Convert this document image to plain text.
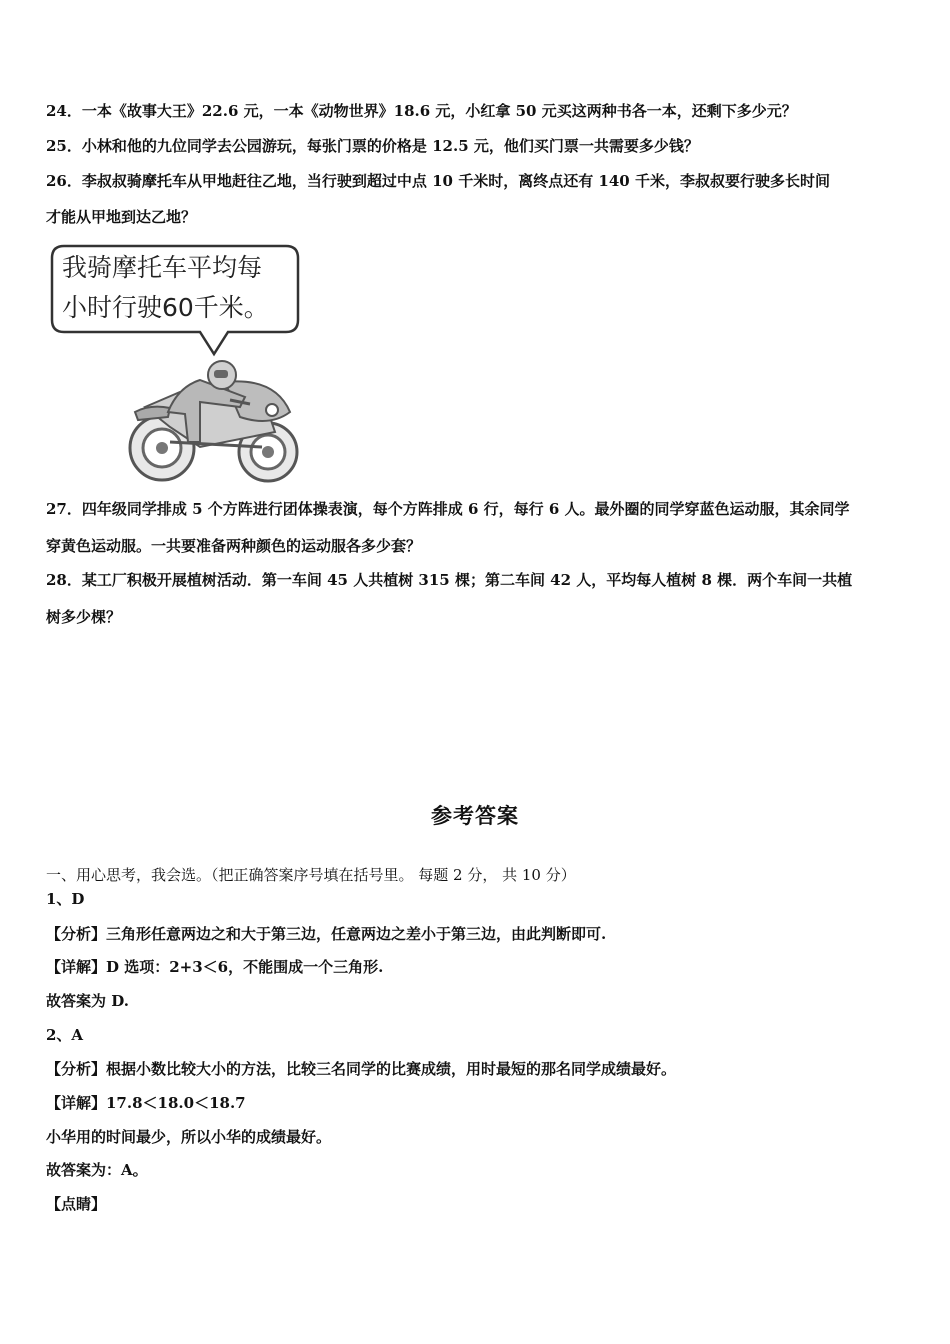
24．一本《故事大王》22.6 元，一本《动物世界》18.6 元，小红拿 50 元买这两种书各一本，还剩下多少元？
25．小林和他的九位同学去公园游玩，每张门票的价格是 12.5 元，他们买门票一共需要多少钱？
26．李叔叔骑摩托车从甲地赶往乙地，当行驶到超过中点 10 千米时，离终点还有 140 千米，李叔叔要行驶多长时间
才能从甲地到达乙地？
我骑摩托车平均每
小时行驶60千米。
27．四年级同学排成 5 个方阵进行团体操表演，每个方阵排成 6 行，每行 6 人。最外圈的同学穿蓝色运动服，其余同学
穿黄色运动服。一共要准备两种颜色的运动服各多少套？
28．某工厂积极开展植树活动．第一车间 45 人共植树 315 棵；第二车间 42 人，平均每人植树 8 棵．两个车间一共植
树多少棵？
参考答案
一、用心思考，我会选。（把正确答案序号填在括号里。 每题 2 分， 共 10 分）
1、D
【分析】三角形任意两边之和大于第三边，任意两边之差小于第三边，由此判断即可.
【详解】D 选项：2+3＜6，不能围成一个三角形.
故答案为 D.
2、A
【分析】根据小数比较大小的方法，比较三名同学的比赛成绩，用时最短的那名同学成绩最好。
【详解】17.8＜18.0＜18.7
小华用的时间最少，所以小华的成绩最好。
故答案为：A。
【点睛】
